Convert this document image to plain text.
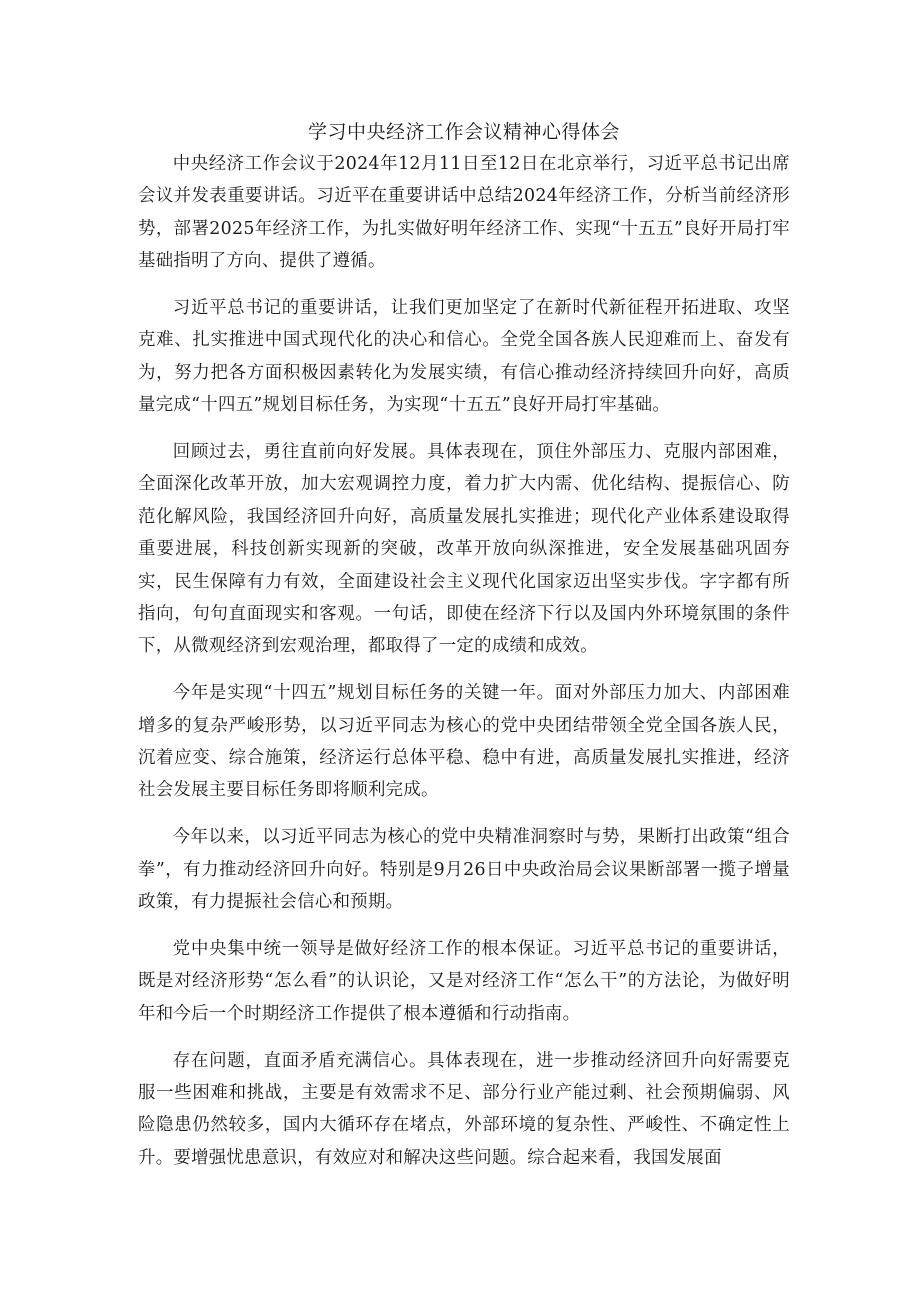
学习中央经济工作会议精神心得体会

中央经济工作会议于2024年12月11日至12日在北京举行，习近平总书记出席会议并发表重要讲话。习近平在重要讲话中总结2024年经济工作，分析当前经济形势，部署2025年经济工作，为扎实做好明年经济工作、实现“十五五”良好开局打牢基础指明了方向、提供了遵循。

习近平总书记的重要讲话，让我们更加坚定了在新时代新征程开拓进取、攻坚克难、扎实推进中国式现代化的决心和信心。全党全国各族人民迎难而上、奋发有为，努力把各方面积极因素转化为发展实绩，有信心推动经济持续回升向好，高质量完成“十四五”规划目标任务，为实现“十五五”良好开局打牢基础。

回顾过去，勇往直前向好发展。具体表现在，顶住外部压力、克服内部困难，全面深化改革开放，加大宏观调控力度，着力扩大内需、优化结构、提振信心、防范化解风险，我国经济回升向好，高质量发展扎实推进；现代化产业体系建设取得重要进展，科技创新实现新的突破，改革开放向纵深推进，安全发展基础巩固夯实，民生保障有力有效，全面建设社会主义现代化国家迈出坚实步伐。字字都有所指向，句句直面现实和客观。一句话，即使在经济下行以及国内外环境氛围的条件下，从微观经济到宏观治理，都取得了一定的成绩和成效。

今年是实现“十四五”规划目标任务的关键一年。面对外部压力加大、内部困难增多的复杂严峻形势，以习近平同志为核心的党中央团结带领全党全国各族人民，沉着应变、综合施策，经济运行总体平稳、稳中有进，高质量发展扎实推进，经济社会发展主要目标任务即将顺利完成。

今年以来，以习近平同志为核心的党中央精准洞察时与势，果断打出政策“组合拳”，有力推动经济回升向好。特别是9月26日中央政治局会议果断部署一揽子增量政策，有力提振社会信心和预期。

党中央集中统一领导是做好经济工作的根本保证。习近平总书记的重要讲话，既是对经济形势“怎么看”的认识论，又是对经济工作“怎么干”的方法论，为做好明年和今后一个时期经济工作提供了根本遵循和行动指南。

存在问题，直面矛盾充满信心。具体表现在，进一步推动经济回升向好需要克服一些困难和挑战，主要是有效需求不足、部分行业产能过剩、社会预期偏弱、风险隐患仍然较多，国内大循环存在堵点，外部环境的复杂性、严峻性、不确定性上升。要增强忧患意识，有效应对和解决这些问题。综合起来看，我国发展面
